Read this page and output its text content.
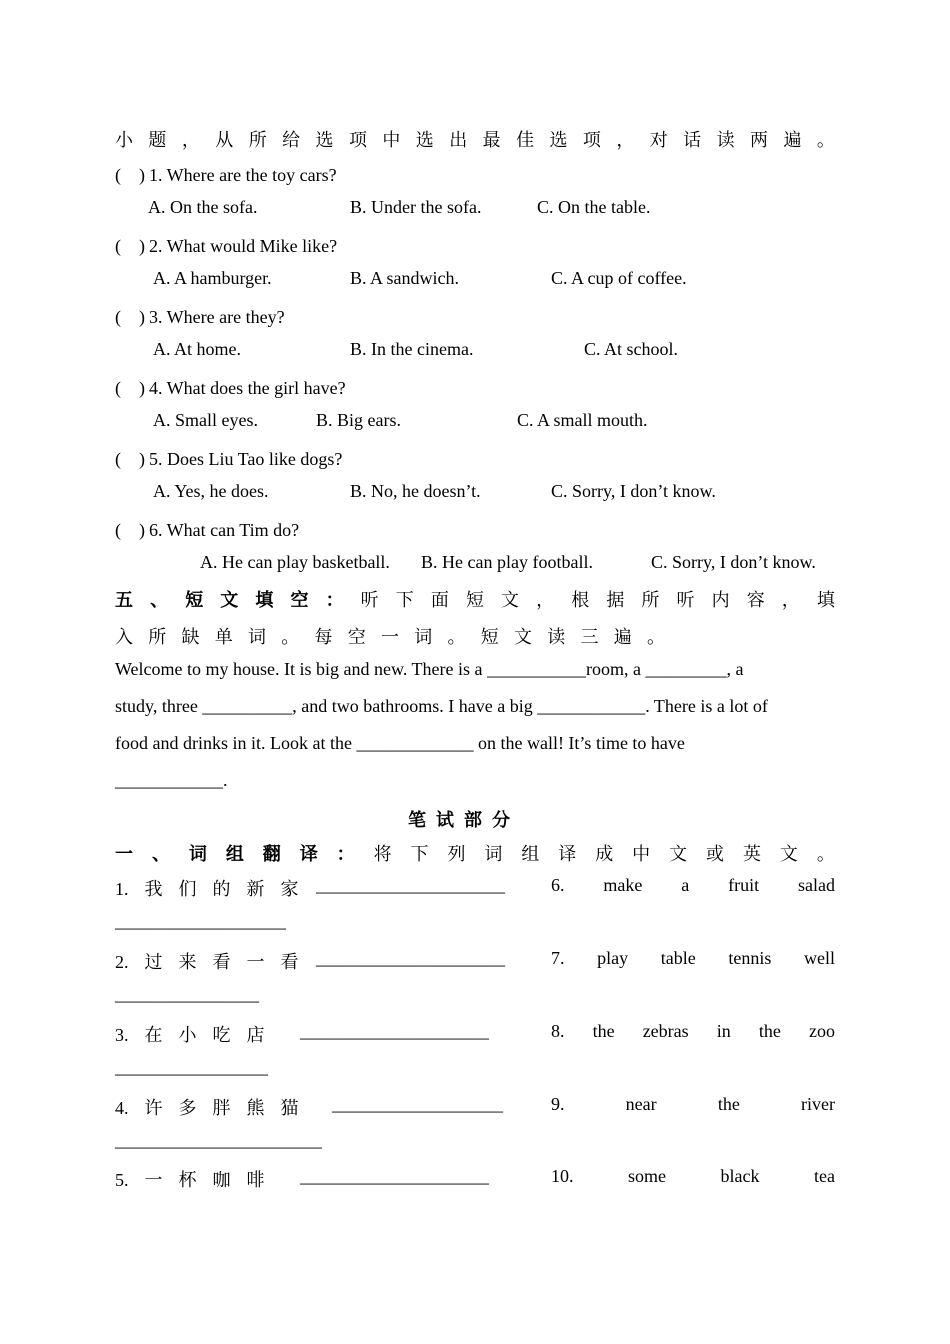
小 题 ， 从 所 给 选 项 中 选 出 最 佳 选 项 ， 对 话 读 两 遍 。
(　) 1. Where are the toy cars?
A. On the sofa.	B. Under the sofa.	C. On the table.
(　) 2. What would Mike like?
A. A hamburger.	B. A sandwich.	C. A cup of coffee.
(　) 3. Where are they?
A. At home.	B. In the cinema.	C. At school.
(　) 4. What does the girl have?
A. Small eyes.	B. Big ears.	C. A small mouth.
(　) 5. Does Liu Tao like dogs?
A. Yes, he does.	B. No, he doesn’t.	C. Sorry, I don’t know.
(　) 6. What can Tim do?
A. He can play basketball. B. He can play football.	C. Sorry, I don’t know.
五 、 短 文 填 空 ： 听 下 面 短 文 ， 根 据 所 听 内 容 ， 填
入 所 缺 单 词 。 每 空 一 词 。 短 文 读 三 遍 。
Welcome to my house. It is big and new. There is a ___________room, a _________, a
study, three __________, and two bathrooms. I have a big ____________. There is a lot of
food and drinks in it. Look at the _____________ on the wall! It’s time to have
____________.
笔试部分
一 、 词 组 翻 译 ： 将 下 列 词 组 译 成 中 文 或 英 文 。
1. 我 们 的 新 家 _____________________	6. make a fruit salad
___________________
2. 过 来 看 一 看 _____________________	7. play table tennis well
________________
3. 在 小 吃 店	_____________________	8. the zebras in the zoo
_________________
4. 许 多 胖 熊 猫	___________________	9.	near	the	river
_______________________
5. 一 杯 咖 啡	_____________________	10.	some	black	tea
